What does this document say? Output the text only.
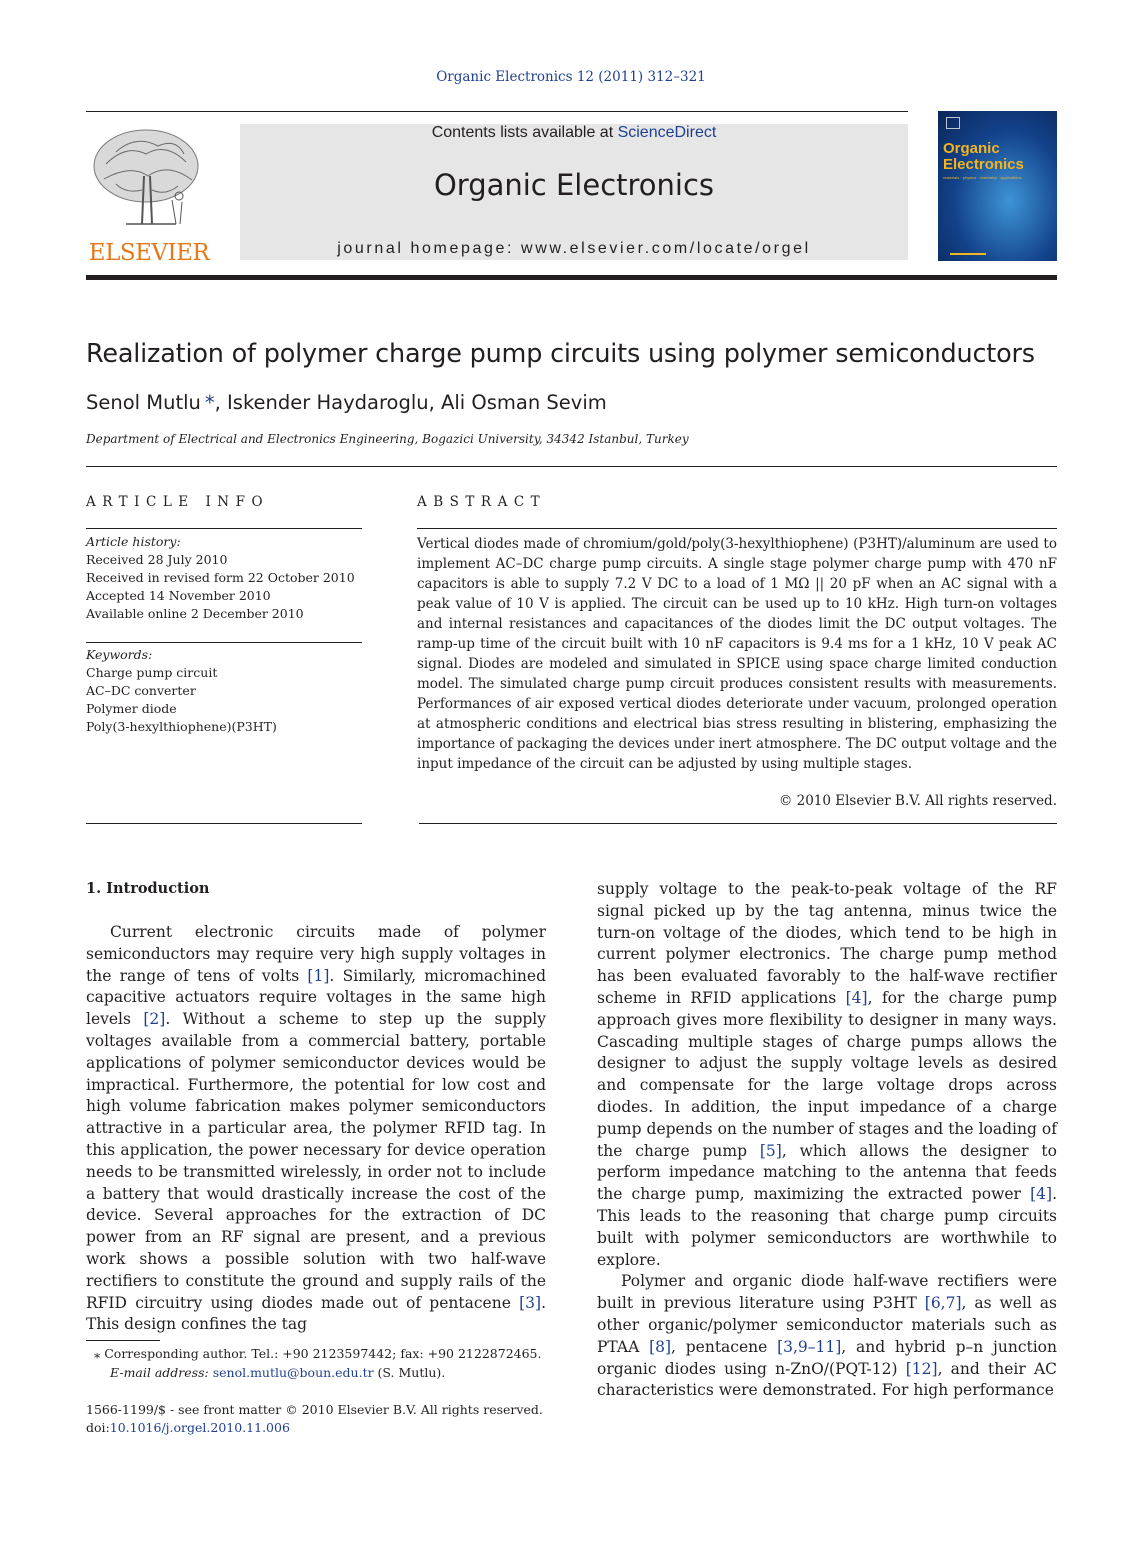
Organic Electronics 12 (2011) 312–321
ELSEVIER
Contents lists available at ScienceDirect
Organic Electronics
journal homepage: www.elsevier.com/locate/orgel
Organic
Electronics
materials · physics · chemistry · applications
Realization of polymer charge pump circuits using polymer semiconductors
Senol Mutlu *, Iskender Haydaroglu, Ali Osman Sevim
Department of Electrical and Electronics Engineering, Bogazici University, 34342 Istanbul, Turkey
ARTICLE INFO
Article history:
Received 28 July 2010
Received in revised form 22 October 2010
Accepted 14 November 2010
Available online 2 December 2010
Keywords:
Charge pump circuit
AC–DC converter
Polymer diode
Poly(3-hexylthiophene)(P3HT)
ABSTRACT
Vertical diodes made of chromium/gold/poly(3-hexylthiophene) (P3HT)/aluminum are used to implement AC–DC charge pump circuits. A single stage polymer charge pump with 470 nF capacitors is able to supply 7.2 V DC to a load of 1 MΩ || 20 pF when an AC signal with a peak value of 10 V is applied. The circuit can be used up to 10 kHz. High turn-on voltages and internal resistances and capacitances of the diodes limit the DC output voltages. The ramp-up time of the circuit built with 10 nF capacitors is 9.4 ms for a 1 kHz, 10 V peak AC signal. Diodes are modeled and simulated in SPICE using space charge limited conduction model. The simulated charge pump circuit produces consistent results with measurements. Performances of air exposed vertical diodes deteriorate under vacuum, prolonged operation at atmospheric conditions and electrical bias stress resulting in blistering, emphasizing the importance of packaging the devices under inert atmosphere. The DC output voltage and the input impedance of the circuit can be adjusted by using multiple stages.
© 2010 Elsevier B.V. All rights reserved.
1. Introduction

Current electronic circuits made of polymer semiconductors may require very high supply voltages in the range of tens of volts [1]. Similarly, micromachined capacitive actuators require voltages in the same high levels [2]. Without a scheme to step up the supply voltages available from a commercial battery, portable applications of polymer semiconductor devices would be impractical. Furthermore, the potential for low cost and high volume fabrication makes polymer semiconductors attractive in a particular area, the polymer RFID tag. In this application, the power necessary for device operation needs to be transmitted wirelessly, in order not to include a battery that would drastically increase the cost of the device. Several approaches for the extraction of DC power from an RF signal are present, and a previous work shows a possible solution with two half-wave rectifiers to constitute the ground and supply rails of the RFID circuitry using diodes made out of pentacene [3]. This design confines the tag

supply voltage to the peak-to-peak voltage of the RF signal picked up by the tag antenna, minus twice the turn-on voltage of the diodes, which tend to be high in current polymer electronics. The charge pump method has been evaluated favorably to the half-wave rectifier scheme in RFID applications [4], for the charge pump approach gives more flexibility to designer in many ways. Cascading multiple stages of charge pumps allows the designer to adjust the supply voltage levels as desired and compensate for the large voltage drops across diodes. In addition, the input impedance of a charge pump depends on the number of stages and the loading of the charge pump [5], which allows the designer to perform impedance matching to the antenna that feeds the charge pump, maximizing the extracted power [4]. This leads to the reasoning that charge pump circuits built with polymer semiconductors are worthwhile to explore.

Polymer and organic diode half-wave rectifiers were built in previous literature using P3HT [6,7], as well as other organic/polymer semiconductor materials such as PTAA [8], pentacene [3,9–11], and hybrid p–n junction organic diodes using n-ZnO/(PQT-12) [12], and their AC characteristics were demonstrated. For high performance

⁎ Corresponding author. Tel.: +90 2123597442; fax: +90 2122872465.
E-mail address: senol.mutlu@boun.edu.tr (S. Mutlu).
1566-1199/$ - see front matter © 2010 Elsevier B.V. All rights reserved.
doi:10.1016/j.orgel.2010.11.006
